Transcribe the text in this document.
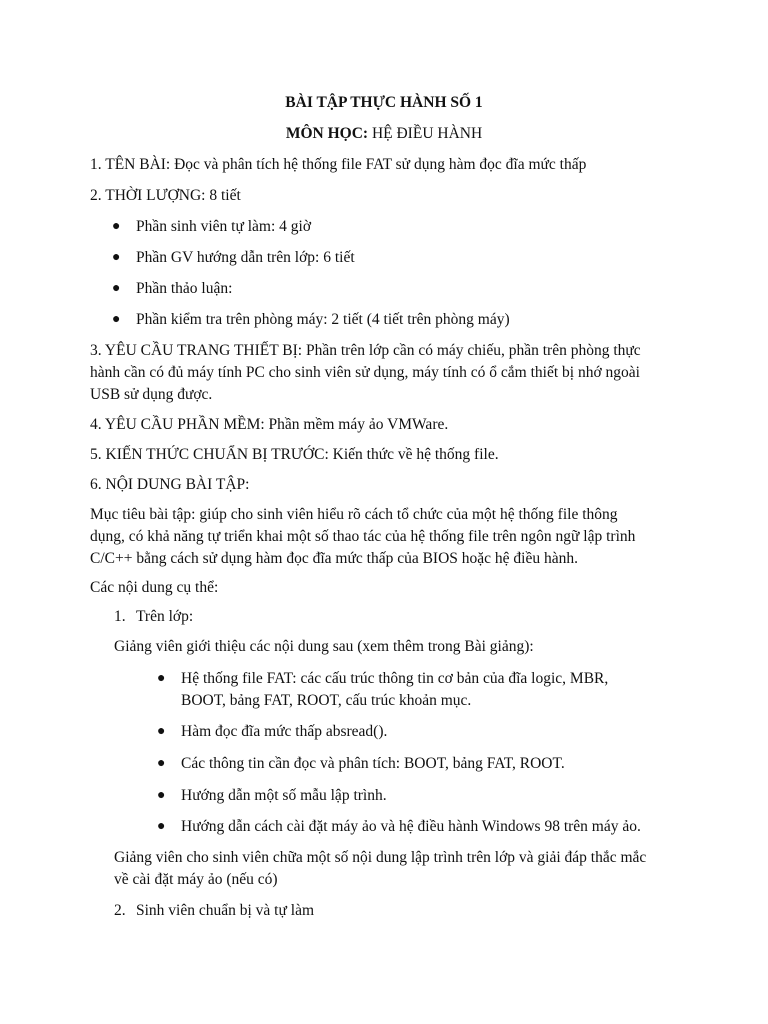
BÀI TẬP THỰC HÀNH SỐ 1
MÔN HỌC: HỆ ĐIỀU HÀNH

1. TÊN BÀI: Đọc và phân tích hệ thống file FAT sử dụng hàm đọc đĩa mức thấp

2. THỜI LƯỢNG: 8 tiết

● Phần sinh viên tự làm: 4 giờ
● Phần GV hướng dẫn trên lớp: 6 tiết
● Phần thảo luận:
● Phần kiểm tra trên phòng máy: 2 tiết (4 tiết trên phòng máy)

3. YÊU CẦU TRANG THIẾT BỊ: Phần trên lớp cần có máy chiếu, phần trên phòng thực

hành cần có đủ máy tính PC cho sinh viên sử dụng, máy tính có ổ cắm thiết bị nhớ ngoài

USB sử dụng được.

4. YÊU CẦU PHẦN MỀM: Phần mềm máy ảo VMWare.

5. KIẾN THỨC CHUẨN BỊ TRƯỚC: Kiến thức về hệ thống file.

6. NỘI DUNG BÀI TẬP:

Mục tiêu bài tập: giúp cho sinh viên hiểu rõ cách tổ chức của một hệ thống file thông

dụng, có khả năng tự triển khai một số thao tác của hệ thống file trên ngôn ngữ lập trình

C/C++ bằng cách sử dụng hàm đọc đĩa mức thấp của BIOS hoặc hệ điều hành.

Các nội dung cụ thể:

1. Trên lớp:

Giảng viên giới thiệu các nội dung sau (xem thêm trong Bài giảng):

● Hệ thống file FAT: các cấu trúc thông tin cơ bản của đĩa logic, MBR,
BOOT, bảng FAT, ROOT, cấu trúc khoản mục.
● Hàm đọc đĩa mức thấp absread().
● Các thông tin cần đọc và phân tích: BOOT, bảng FAT, ROOT.
● Hướng dẫn một số mẫu lập trình.
● Hướng dẫn cách cài đặt máy ảo và hệ điều hành Windows 98 trên máy ảo.

Giảng viên cho sinh viên chữa một số nội dung lập trình trên lớp và giải đáp thắc mắc

về cài đặt máy ảo (nếu có)

2. Sinh viên chuẩn bị và tự làm
